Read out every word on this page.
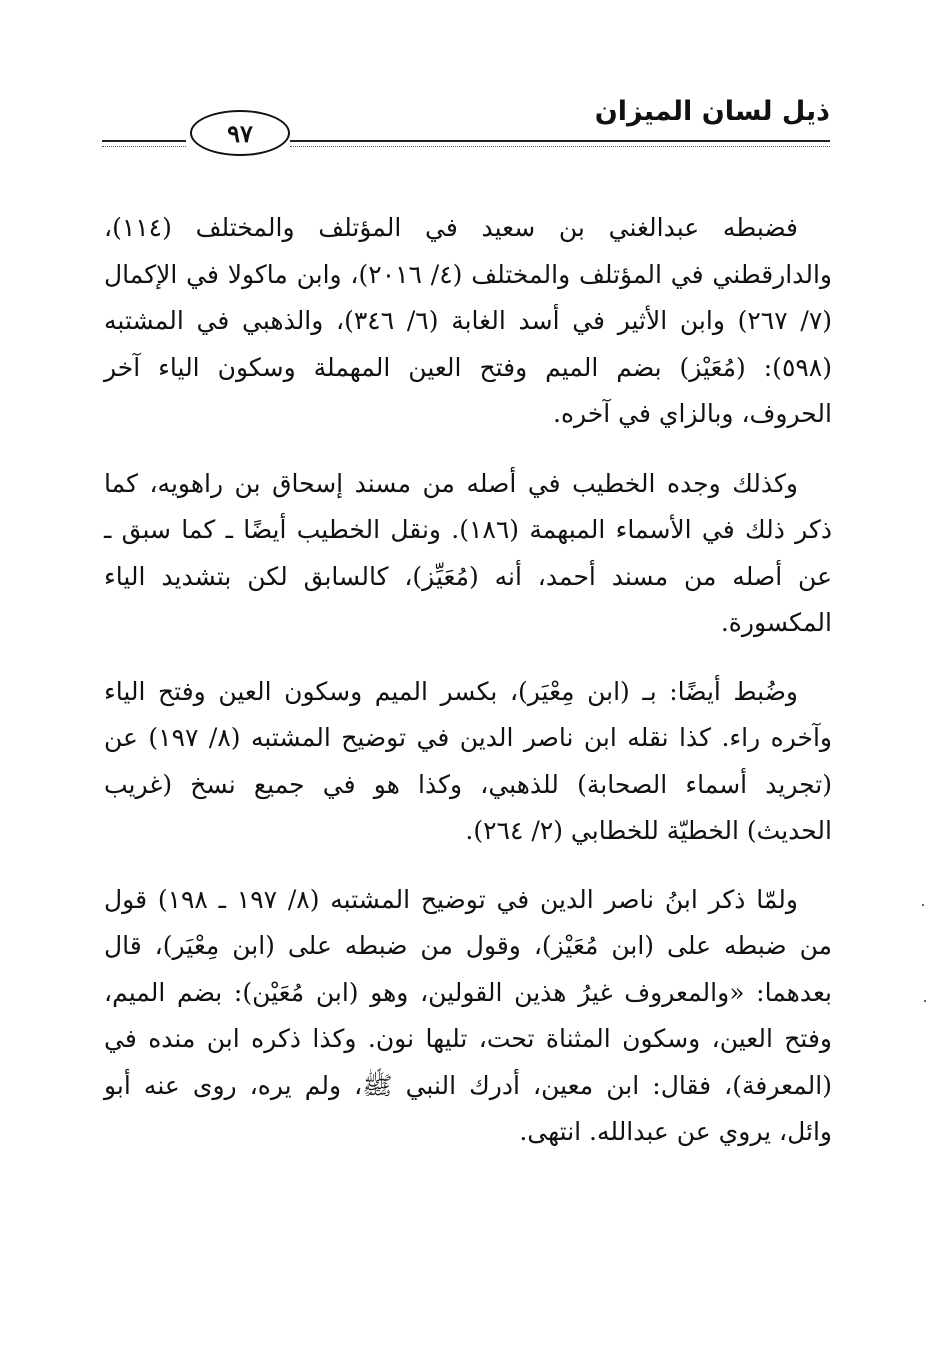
ذيل لسان الميزان
٩٧

فضبطه عبدالغني بن سعيد في المؤتلف والمختلف (١١٤)، والدارقطني في المؤتلف والمختلف (٤/ ٢٠١٦)، وابن ماكولا في الإكمال (٧/ ٢٦٧) وابن الأثير في أسد الغابة (٦/ ٣٤٦)، والذهبي في المشتبه (٥٩٨): (مُعَيْز) بضم الميم وفتح العين المهملة وسكون الياء آخر الحروف، وبالزاي في آخره.

وكذلك وجده الخطيب في أصله من مسند إسحاق بن راهويه، كما ذكر ذلك في الأسماء المبهمة (١٨٦). ونقل الخطيب أيضًا ـ كما سبق ـ عن أصله من مسند أحمد، أنه (مُعَيِّز)، كالسابق لكن بتشديد الياء المكسورة.

وضُبط أيضًا: بـ (ابن مِعْيَر)، بكسر الميم وسكون العين وفتح الياء وآخره راء. كذا نقله ابن ناصر الدين في توضيح المشتبه (٨/ ١٩٧) عن (تجريد أسماء الصحابة) للذهبي، وكذا هو في جميع نسخ (غريب الحديث) الخطيّة للخطابي (٢/ ٢٦٤).

ولمّا ذكر ابنُ ناصر الدين في توضيح المشتبه (٨/ ١٩٧ ـ ١٩٨) قول من ضبطه على (ابن مُعَيْز)، وقول من ضبطه على (ابن مِعْيَر)، قال بعدهما: «والمعروف غيرُ هذين القولين، وهو (ابن مُعَيْن): بضم الميم، وفتح العين، وسكون المثناة تحت، تليها نون. وكذا ذكره ابن منده في (المعرفة)، فقال: ابن معين، أدرك النبي ﷺ، ولم يره، روى عنه أبو وائل، يروي عن عبدالله. انتهى.
